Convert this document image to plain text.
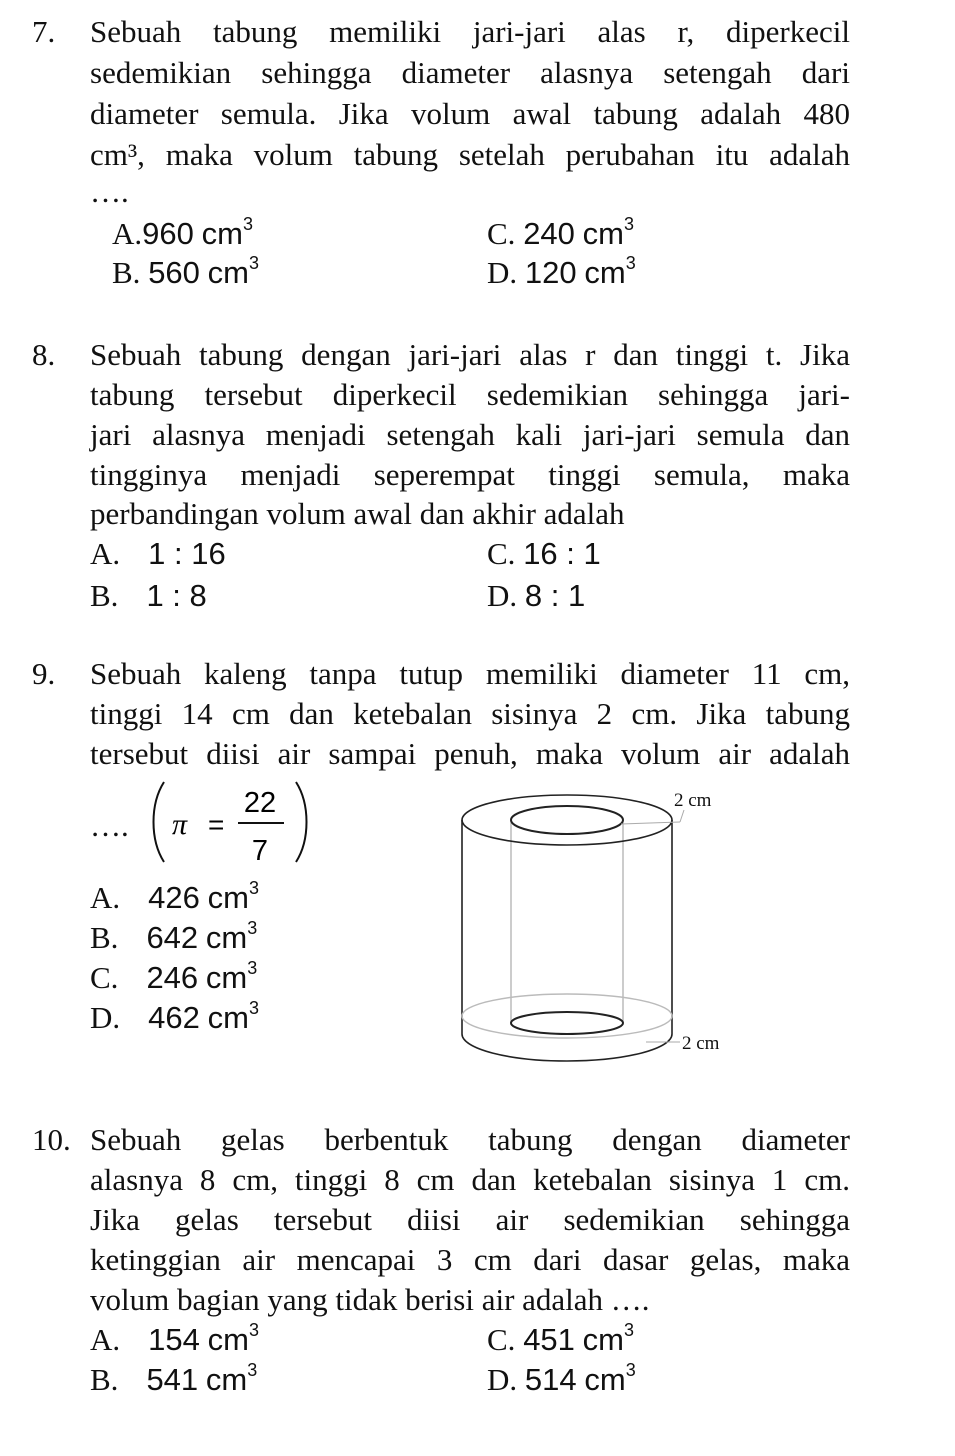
7. Sebuah tabung memiliki jari-jari alas r, diperkecil
sedemikian sehingga diameter alasnya setengah dari
diameter semula. Jika volum awal tabung adalah 480
cm³, maka volum tabung setelah perubahan itu adalah
….
A.960 $cm^3$
B. 560 $cm^3$
C. 240 $cm^3$
D. 120 $cm^3$
8. Sebuah tabung dengan jari-jari alas r dan tinggi t. Jika
tabung tersebut diperkecil sedemikian sehingga jari-
jari alasnya menjadi setengah kali jari-jari semula dan
tingginya menjadi seperempat tinggi semula, maka
perbandingan volum awal dan akhir adalah
A. 1 : 16
B. 1 : 8
C. 16 : 1
D. 8 : 1
9. Sebuah kaleng tanpa tutup memiliki diameter 11 cm,
tinggi 14 cm dan ketebalan sisinya 2 cm. Jika tabung
tersebut diisi air sampai penuh, maka volum air adalah
….	π =
22
7
A. 426 $cm^3$
B. 642 $cm^3$
C. 246 $cm^3$
D. 462 $cm^3$
2 cm
2 cm
10. Sebuah gelas berbentuk tabung dengan diameter
alasnya 8 cm, tinggi 8 cm dan ketebalan sisinya 1 cm.
Jika gelas tersebut diisi air sedemikian sehingga
ketinggian air mencapai 3 cm dari dasar gelas, maka
volum bagian yang tidak berisi air adalah ….
A. 154 $cm^3$
B. 541 $cm^3$
C. 451 $cm^3$
D. 514 $cm^3$
